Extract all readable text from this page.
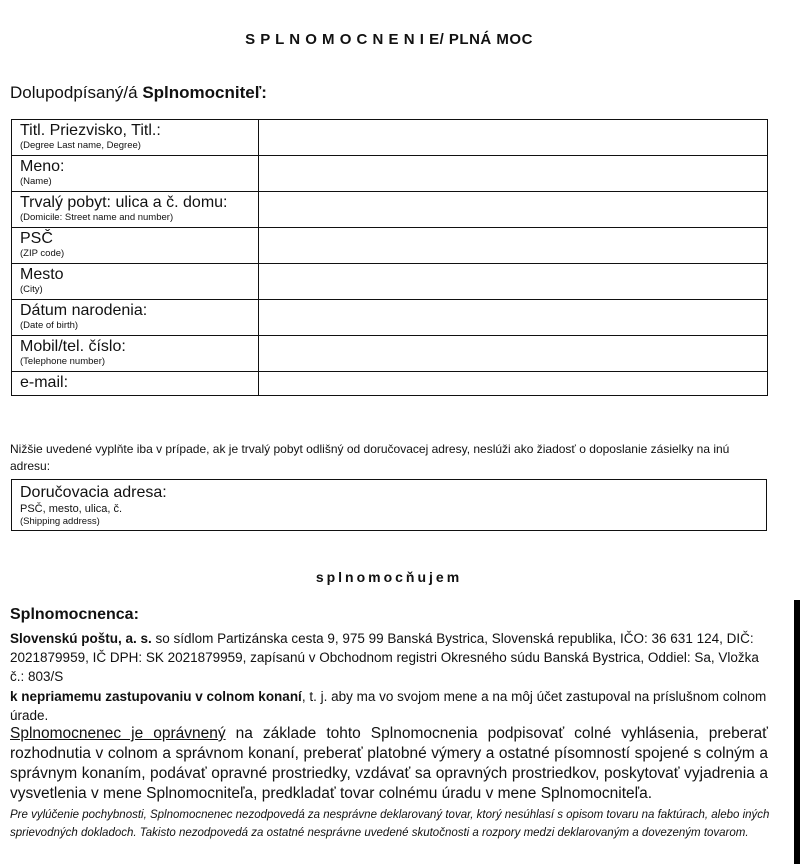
S P L N O M O C N E N I E/ PLNÁ MOC
Dolupodpísaný/á Splnomocniteľ:
Titl. Priezvisko, Titl.:
(Degree Last name, Degree)	

Meno:
(Name)	

Trvalý pobyt: ulica a č. domu:
(Domicile: Street name and number)	

PSČ
(ZIP code)	

Mesto
(City)	

Dátum narodenia:
(Date of birth)	

Mobil/tel. číslo:
(Telephone number)	

e-mail:	

Nižšie uvedené vyplňte iba v prípade, ak je trvalý pobyt odlišný od doručovacej adresy, neslúži ako žiadosť o doposlanie zásielky na inú adresu:
Doručovacia adresa:
PSČ, mesto, ulica, č.
(Shipping address)
splnomocňujem
Splnomocnenca:
Slovenskú poštu, a. s. so sídlom Partizánska cesta 9, 975 99 Banská Bystrica, Slovenská republika, IČO: 36 631 124, DIČ: 2021879959, IČ DPH: SK 2021879959, zapísanú v Obchodnom registri Okresného súdu Banská Bystrica, Oddiel: Sa, Vložka č.: 803/S
k nepriamemu zastupovaniu v colnom konaní, t. j. aby ma vo svojom mene a na môj účet zastupoval na príslušnom colnom úrade.
Splnomocnenec je oprávnený na základe tohto Splnomocnenia podpisovať colné vyhlásenia, preberať rozhodnutia v colnom a správnom konaní, preberať platobné výmery a ostatné písomností spojené s colným a správnym konaním, podávať opravné prostriedky, vzdávať sa opravných prostriedkov, poskytovať vyjadrenia a vysvetlenia v mene Splnomocniteľa, predkladať tovar colnému úradu v mene Splnomocniteľa.
Pre vylúčenie pochybnosti, Splnomocnenec nezodpovedá za nesprávne deklarovaný tovar, ktorý nesúhlasí s opisom tovaru na faktúrach, alebo iných sprievodných dokladoch. Takisto nezodpovedá za ostatné nesprávne uvedené skutočnosti a rozpory medzi deklarovaným a dovezeným tovarom.
